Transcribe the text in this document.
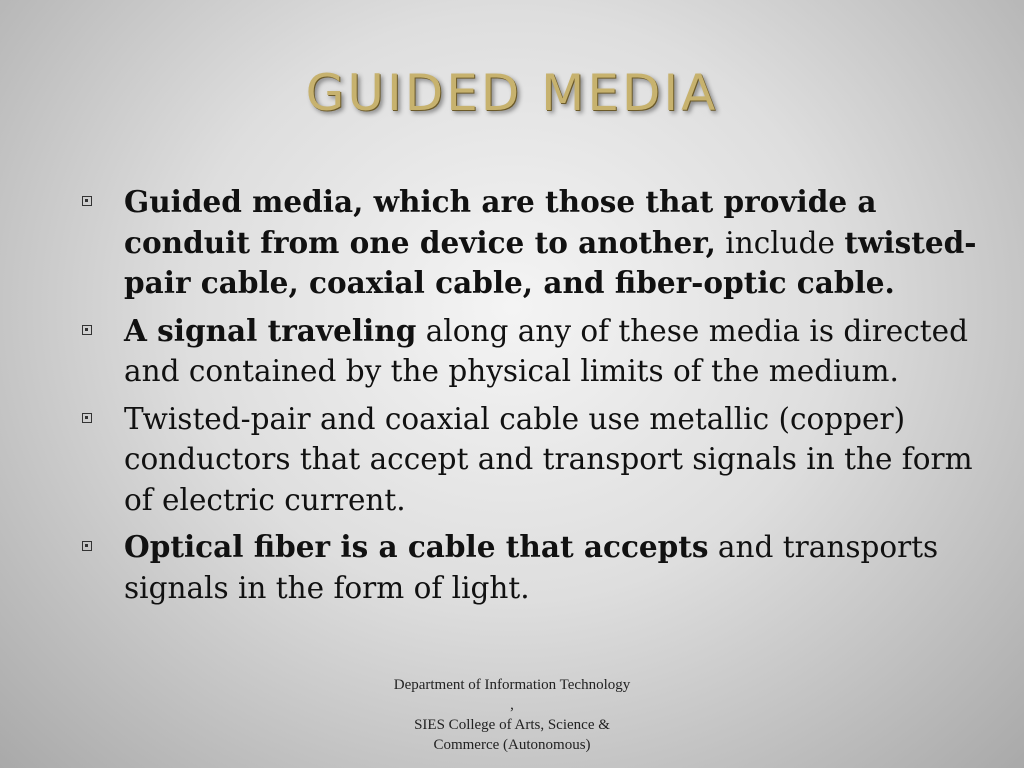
GUIDED MEDIA
Guided media, which are those that provide a conduit from one device to another, include twisted-pair cable, coaxial cable, and fiber-optic cable.
A signal traveling along any of these media is directed and contained by the physical limits of the medium.
Twisted-pair and coaxial cable use metallic (copper) conductors that accept and transport signals in the form of electric current.
Optical fiber is a cable that accepts and transports signals in the form of light.
Department of Information Technology
,
SIES College of Arts, Science &
Commerce (Autonomous)
